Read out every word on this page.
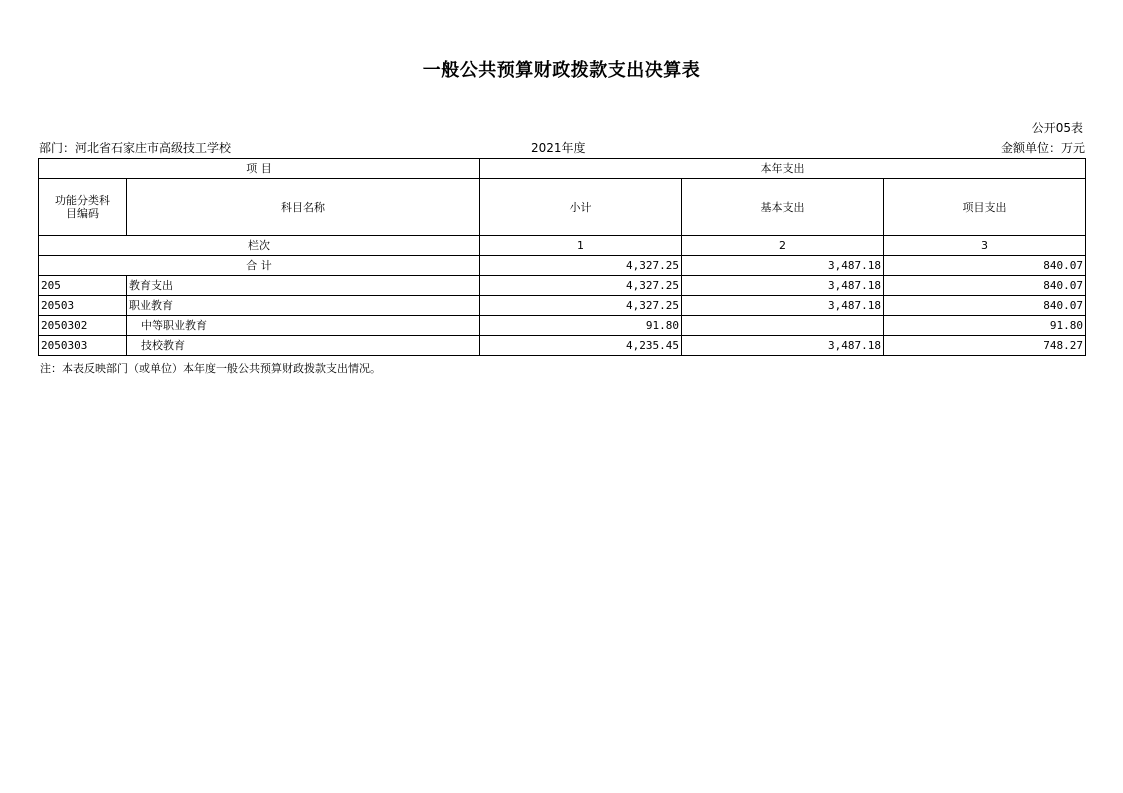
一般公共预算财政拨款支出决算表
公开05表
部门：河北省石家庄市高级技工学校	2021年度	金额单位：万元
项 目		本年支出		
功能分类科目编码	科目名称	小计	基本支出	项目支出
栏次		1	2	3
合 计		4,327.25	3,487.18	840.07
205	教育支出	4,327.25	3,487.18	840.07
20503	职业教育	4,327.25	3,487.18	840.07
2050302	中等职业教育	91.80		91.80
2050303	技校教育	4,235.45	3,487.18	748.27
注：本表反映部门（或单位）本年度一般公共预算财政拨款支出情况。
